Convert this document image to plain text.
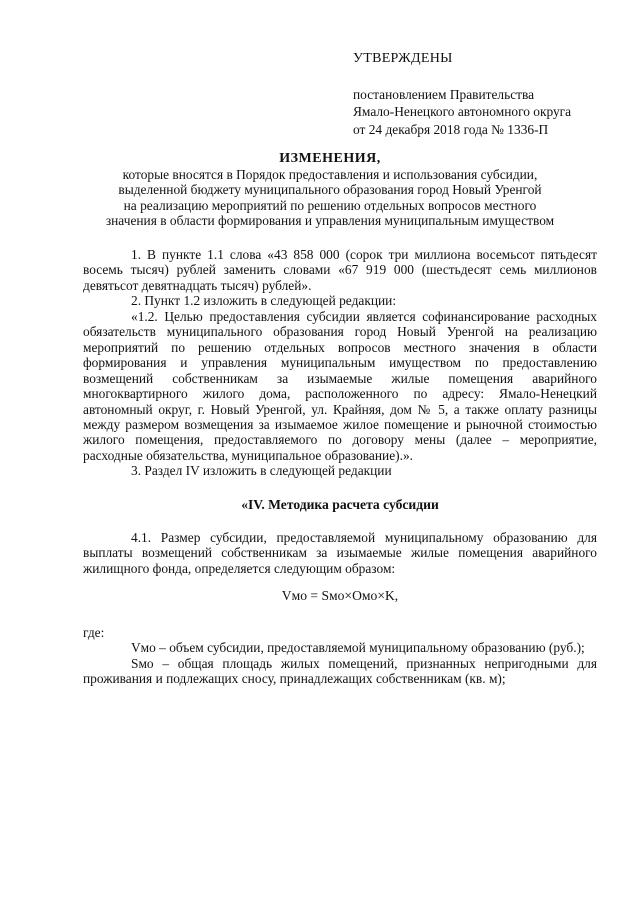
УТВЕРЖДЕНЫ
постановлением Правительства
Ямало-Ненецкого автономного округа
от 24 декабря 2018 года № 1336-П
ИЗМЕНЕНИЯ,
которые вносятся в Порядок предоставления и использования субсидии,
выделенной бюджету муниципального образования город Новый Уренгой
на реализацию мероприятий по решению отдельных вопросов местного
значения в области формирования и управления муниципальным имуществом
1. В пункте 1.1 слова «43 858 000 (сорок три миллиона восемьсот пятьдесят восемь тысяч) рублей заменить словами «67 919 000 (шестьдесят семь миллионов девятьсот девятнадцать тысяч) рублей».
2. Пункт 1.2 изложить в следующей редакции:
«1.2. Целью предоставления субсидии является софинансирование расходных обязательств муниципального образования город Новый Уренгой на реализацию мероприятий по решению отдельных вопросов местного значения в области формирования и управления муниципальным имуществом по предоставлению возмещений собственникам за изымаемые жилые помещения аварийного многоквартирного жилого дома, расположенного по адресу: Ямало-Ненецкий автономный округ, г. Новый Уренгой, ул. Крайняя, дом № 5, а также оплату разницы между размером возмещения за изымаемое жилое помещение и рыночной стоимостью жилого помещения, предоставляемого по договору мены (далее – мероприятие, расходные обязательства, муниципальное образование).».
3. Раздел IV изложить в следующей редакции
«IV. Методика расчета субсидии
4.1. Размер субсидии, предоставляемой муниципальному образованию для выплаты возмещений собственникам за изымаемые жилые помещения аварийного жилищного фонда, определяется следующим образом:
Vмо = Sмо×Омо×K,
где:
Vмо – объем субсидии, предоставляемой муниципальному образованию (руб.);
Sмо – общая площадь жилых помещений, признанных непригодными для проживания и подлежащих сносу, принадлежащих собственникам (кв. м);
